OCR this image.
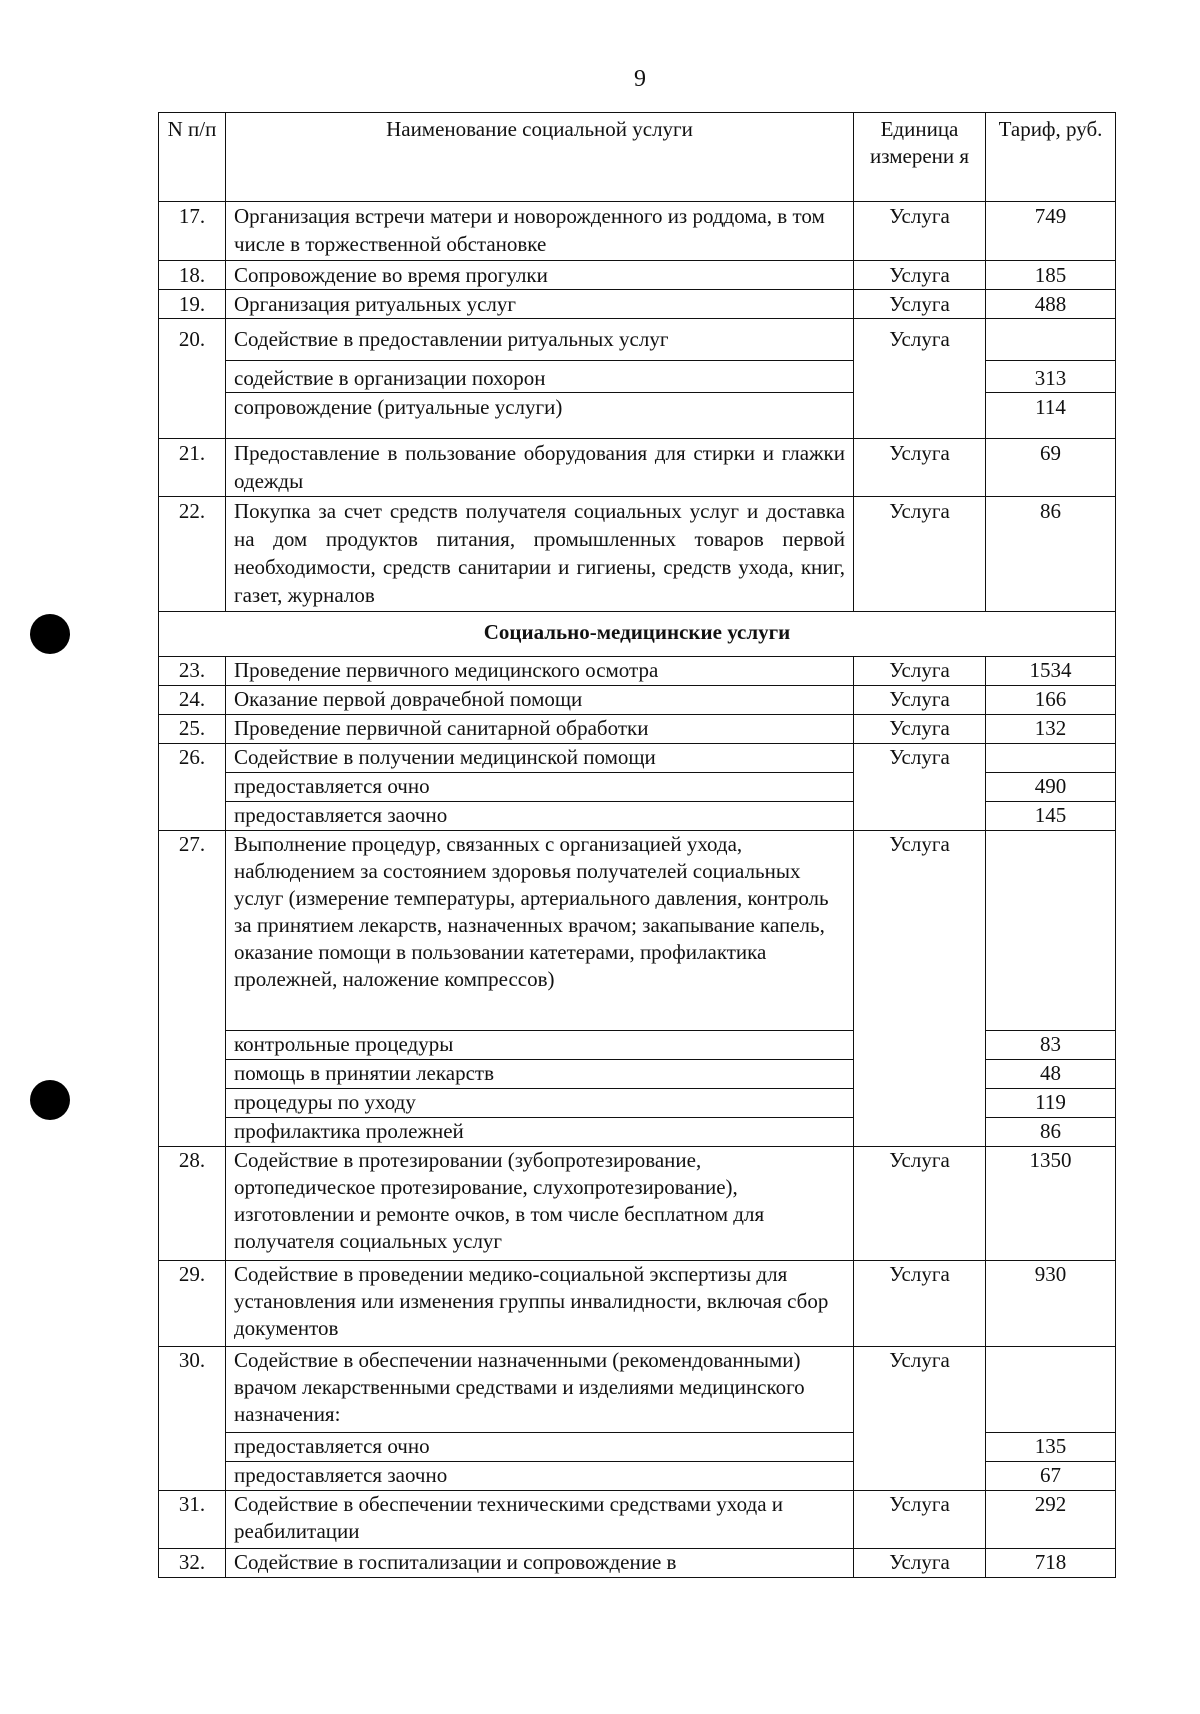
9
N п/п	Наименование социальной услуги	Единица измерени я	Тариф, руб.
17.	Организация встречи матери и новорожденного из роддома, в том числе в торжественной обстановке	Услуга	749
18.	Сопровождение во время прогулки	Услуга	185
19.	Организация ритуальных услуг	Услуга	488
20.	Содействие в предоставлении ритуальных услуг	Услуга	
	содействие в организации похорон		313
	сопровождение (ритуальные услуги)		114
21.	Предоставление в пользование оборудования для стирки и глажки одежды	Услуга	69
22.	Покупка за счет средств получателя социальных услуг и доставка на дом продуктов питания, промышленных товаров первой необходимости, средств санитарии и гигиены, средств ухода, книг, газет, журналов	Услуга	86
Социально-медицинские услуги			
23.	Проведение первичного медицинского осмотра	Услуга	1534
24.	Оказание первой доврачебной помощи	Услуга	166
25.	Проведение первичной санитарной обработки	Услуга	132
26.	Содействие в получении медицинской помощи	Услуга	
	предоставляется очно		490
	предоставляется заочно		145
27.	Выполнение процедур, связанных с организацией ухода, наблюдением за состоянием здоровья получателей социальных услуг (измерение температуры, артериального давления, контроль за принятием лекарств, назначенных врачом; закапывание капель, оказание помощи в пользовании катетерами, профилактика пролежней, наложение компрессов)	Услуга	
	контрольные процедуры		83
	помощь в принятии лекарств		48
	процедуры по уходу		119
	профилактика пролежней		86
28.	Содействие в протезировании (зубопротезирование, ортопедическое протезирование, слухопротезирование), изготовлении и ремонте очков, в том числе бесплатном для получателя социальных услуг	Услуга	1350
29.	Содействие в проведении медико-социальной экспертизы для установления или изменения группы инвалидности, включая сбор документов	Услуга	930
30.	Содействие в обеспечении назначенными (рекомендованными) врачом лекарственными средствами и изделиями медицинского назначения:	Услуга	
	предоставляется очно		135
	предоставляется заочно		67
31.	Содействие в обеспечении техническими средствами ухода и реабилитации	Услуга	292
32.	Содействие в госпитализации и сопровождение в	Услуга	718
